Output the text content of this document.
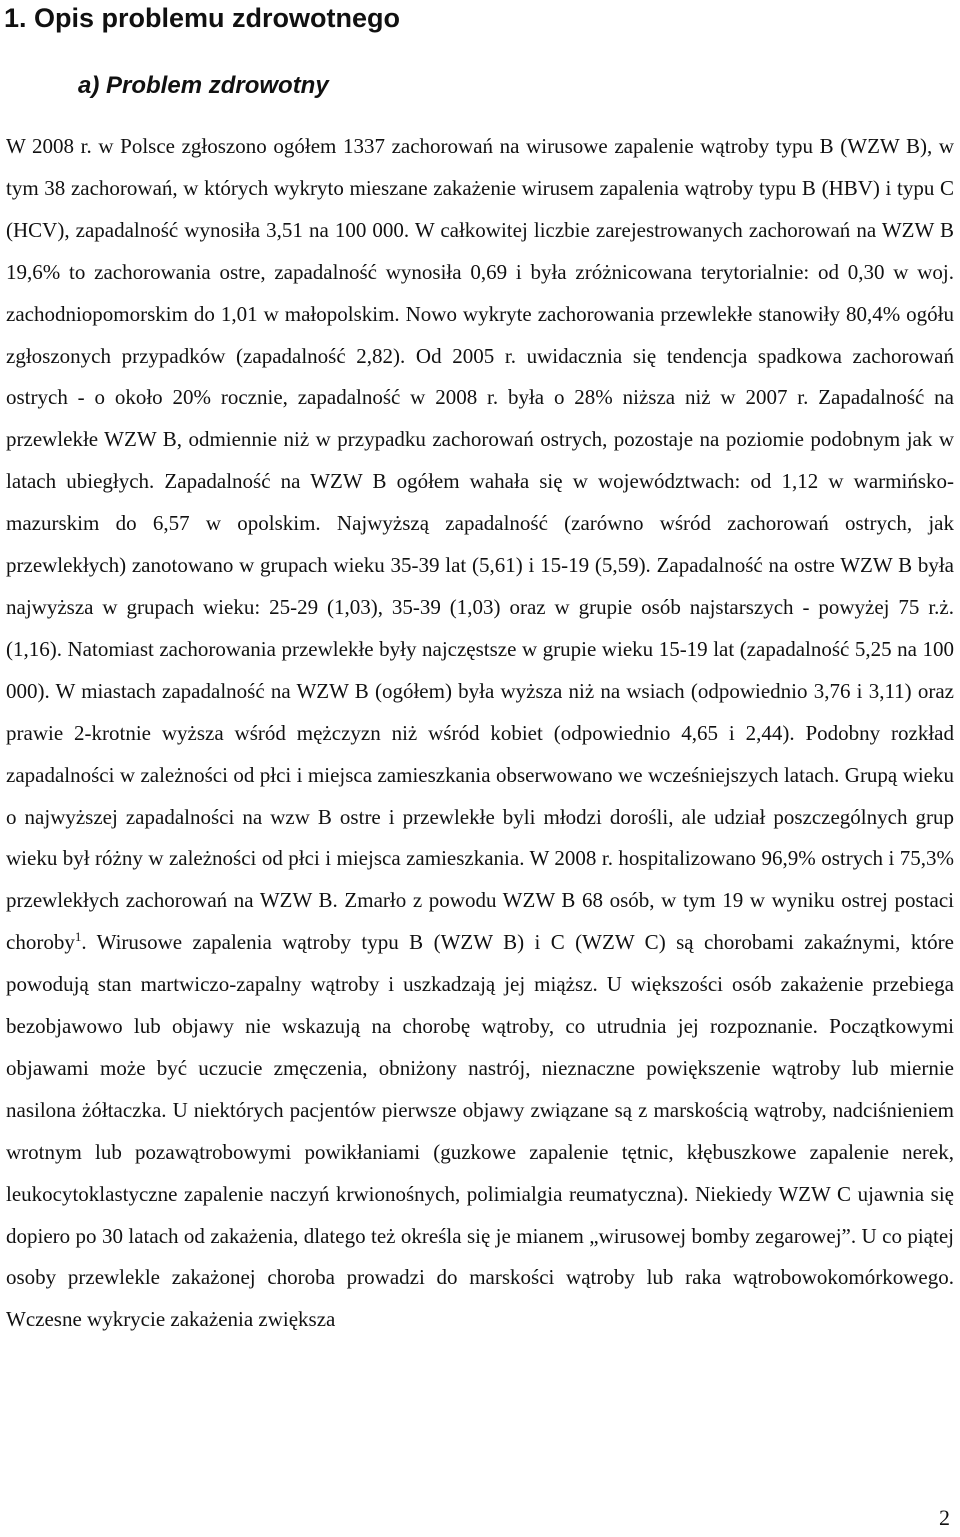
1. Opis problemu zdrowotnego
a) Problem zdrowotny

W 2008 r. w Polsce zgłoszono ogółem 1337 zachorowań na wirusowe zapalenie wątroby typu B (WZW B), w tym 38 zachorowań, w których wykryto mieszane zakażenie wirusem zapalenia wątroby typu B (HBV) i typu C (HCV), zapadalność wynosiła 3,51 na 100 000. W całkowitej liczbie zarejestrowanych zachorowań na WZW B 19,6% to zachorowania ostre, zapadalność wynosiła 0,69 i była zróżnicowana terytorialnie: od 0,30 w woj. zachodniopomorskim do 1,01 w małopolskim. Nowo wykryte zachorowania przewlekłe stanowiły 80,4% ogółu zgłoszonych przypadków (zapadalność 2,82). Od 2005 r. uwidacznia się tendencja spadkowa zachorowań ostrych - o około 20% rocznie, zapadalność w 2008 r. była o 28% niższa niż w 2007 r. Zapadalność na przewlekłe WZW B, odmiennie niż w przypadku zachorowań ostrych, pozostaje na poziomie podobnym jak w latach ubiegłych. Zapadalność na WZW B ogółem wahała się w województwach: od 1,12 w warmińsko-mazurskim do 6,57 w opolskim. Najwyższą zapadalność (zarówno wśród zachorowań ostrych, jak przewlekłych) zanotowano w grupach wieku 35-39 lat (5,61) i 15-19 (5,59). Zapadalność na ostre WZW B była najwyższa w grupach wieku: 25-29 (1,03), 35-39 (1,03) oraz w grupie osób najstarszych - powyżej 75 r.ż. (1,16). Natomiast zachorowania przewlekłe były najczęstsze w grupie wieku 15-19 lat (zapadalność 5,25 na 100 000). W miastach zapadalność na WZW B (ogółem) była wyższa niż na wsiach (odpowiednio 3,76 i 3,11) oraz prawie 2-krotnie wyższa wśród mężczyzn niż wśród kobiet (odpowiednio 4,65 i 2,44). Podobny rozkład zapadalności w zależności od płci i miejsca zamieszkania obserwowano we wcześniejszych latach. Grupą wieku o najwyższej zapadalności na wzw B ostre i przewlekłe byli młodzi dorośli, ale udział poszczególnych grup wieku był różny w zależności od płci i miejsca zamieszkania. W 2008 r. hospitalizowano 96,9% ostrych i 75,3% przewlekłych zachorowań na WZW B. Zmarło z powodu WZW B 68 osób, w tym 19 w wyniku ostrej postaci choroby$^1$. Wirusowe zapalenia wątroby typu B (WZW B) i C (WZW C) są chorobami zakaźnymi, które powodują stan martwiczo-zapalny wątroby i uszkadzają jej miąższ. U większości osób zakażenie przebiega bezobjawowo lub objawy nie wskazują na chorobę wątroby, co utrudnia jej rozpoznanie. Początkowymi objawami może być uczucie zmęczenia, obniżony nastrój, nieznaczne powiększenie wątroby lub miernie nasilona żółtaczka. U niektórych pacjentów pierwsze objawy związane są z marskością wątroby, nadciśnieniem wrotnym lub pozawątrobowymi powikłaniami (guzkowe zapalenie tętnic, kłębuszkowe zapalenie nerek, leukocytoklastyczne zapalenie naczyń krwionośnych, polimialgia reumatyczna). Niekiedy WZW C ujawnia się dopiero po 30 latach od zakażenia, dlatego też określa się je mianem „wirusowej bomby zegarowej”. U co piątej osoby przewlekle zakażonej choroba prowadzi do marskości wątroby lub raka wątrobowokomórkowego. Wczesne wykrycie zakażenia zwiększa

2
